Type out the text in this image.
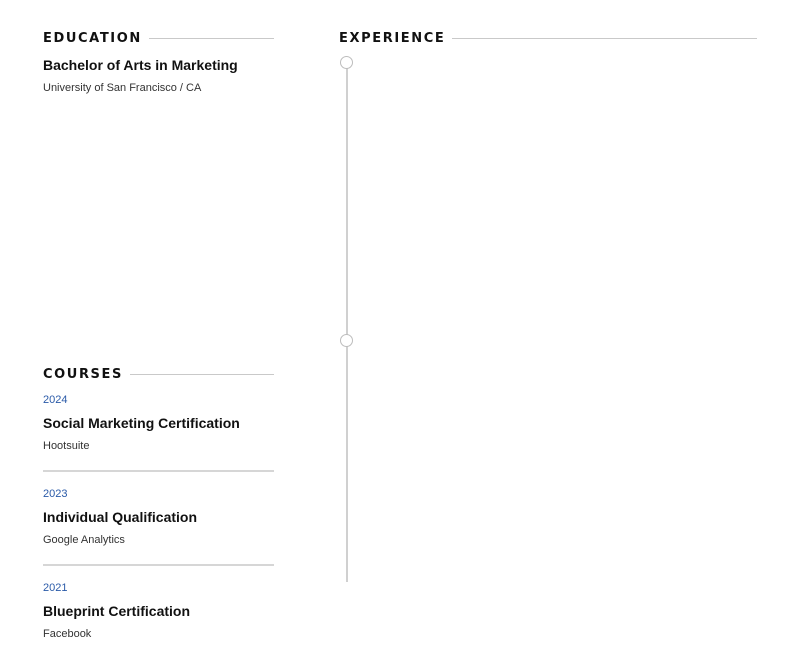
EDUCATION
Bachelor of Arts in Marketing
University of San Francisco / CA
EXPERIENCE
COURSES
2024
Social Marketing Certification
Hootsuite
2023
Individual Qualification
Google Analytics
2021
Blueprint Certification
Facebook
